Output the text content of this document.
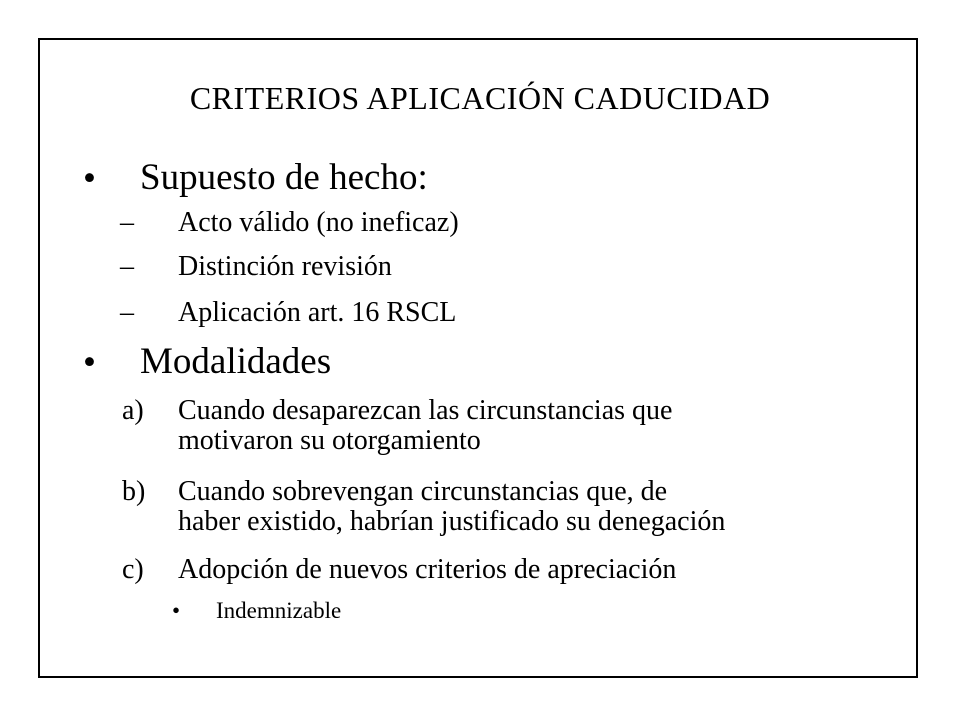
CRITERIOS APLICACIÓN CADUCIDAD
• Supuesto de hecho:
– Acto válido (no ineficaz)
– Distinción revisión
– Aplicación art. 16 RSCL
• Modalidades
a) Cuando desaparezcan las circunstancias que
motivaron su otorgamiento
b) Cuando sobrevengan circunstancias que, de
haber existido, habrían justificado su denegación
c) Adopción de nuevos criterios de apreciación
• Indemnizable
